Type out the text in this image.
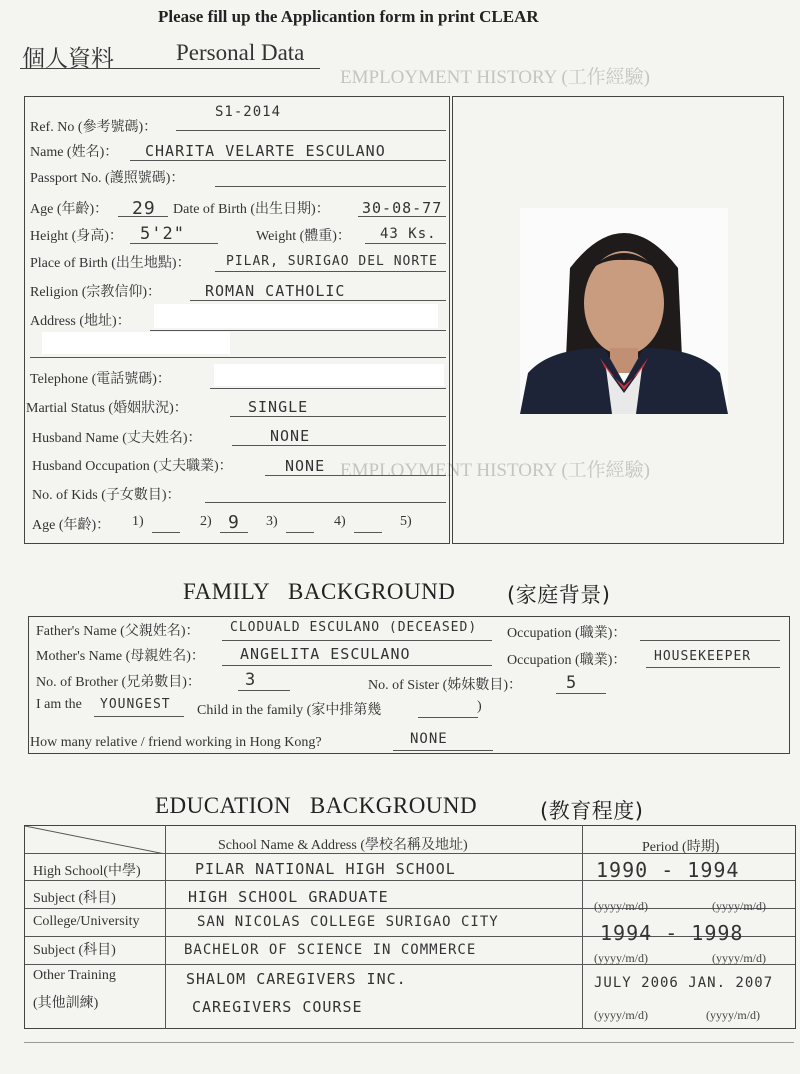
Please fill up the Applicantion form in print CLEAR
個人資料	Personal Data
EMPLOYMENT HISTORY (工作經驗)
EMPLOYMENT HISTORY (工作經驗)
Ref. No (參考號碼)：
S1-2014
Name (姓名)： CHARITA VELARTE ESCULANO
Passport No. (護照號碼)：
Age (年齡)： 29 Date of Birth (出生日期)： 30-08-77
Height (身高)： 5'2"	Weight (體重)： 43 Ks.
Place of Birth (出生地點)：	PILAR, SURIGAO DEL NORTE
Religion (宗教信仰)：	ROMAN CATHOLIC
Address (地址)：
Telephone (電話號碼)：
Martial Status (婚姻狀況)：	SINGLE
Husband Name (丈夫姓名)：	NONE
Husband Occupation (丈夫職業)：	NONE
No. of Kids (子女數目)：
Age (年齡)： 1)	2) 9 3)	4)	5)
FAMILY   BACKGROUND (家庭背景)
Father's Name (父親姓名)： CLODUALD ESCULANO (DECEASED) Occupation (職業)：
Mother's Name (母親姓名)： ANGELITA ESCULANO	Occupation (職業)： HOUSEKEEPER
No. of Brother (兄弟數目)：	3	No. of Sister (姊妹數目)：	5
I am the YOUNGEST Child in the family (家中排第幾	)
How many relative / friend working in Hong Kong?	NONE
EDUCATION   BACKGROUND	(教育程度)
School Name & Address (學校名稱及地址)	Period (時期)
High School(中學)	PILAR NATIONAL HIGH SCHOOL	1990 - 1994
Subject (科目)	HIGH SCHOOL GRADUATE	(yyyy/m/d)	(yyyy/m/d)
College/University	SAN NICOLAS COLLEGE SURIGAO CITY	1994 - 1998
Subject (科目)	BACHELOR OF SCIENCE IN COMMERCE	(yyyy/m/d)	(yyyy/m/d)
Other Training	SHALOM CAREGIVERS INC.	JULY 2006 JAN. 2007
(其他訓練)	CAREGIVERS COURSE	(yyyy/m/d)	(yyyy/m/d)
